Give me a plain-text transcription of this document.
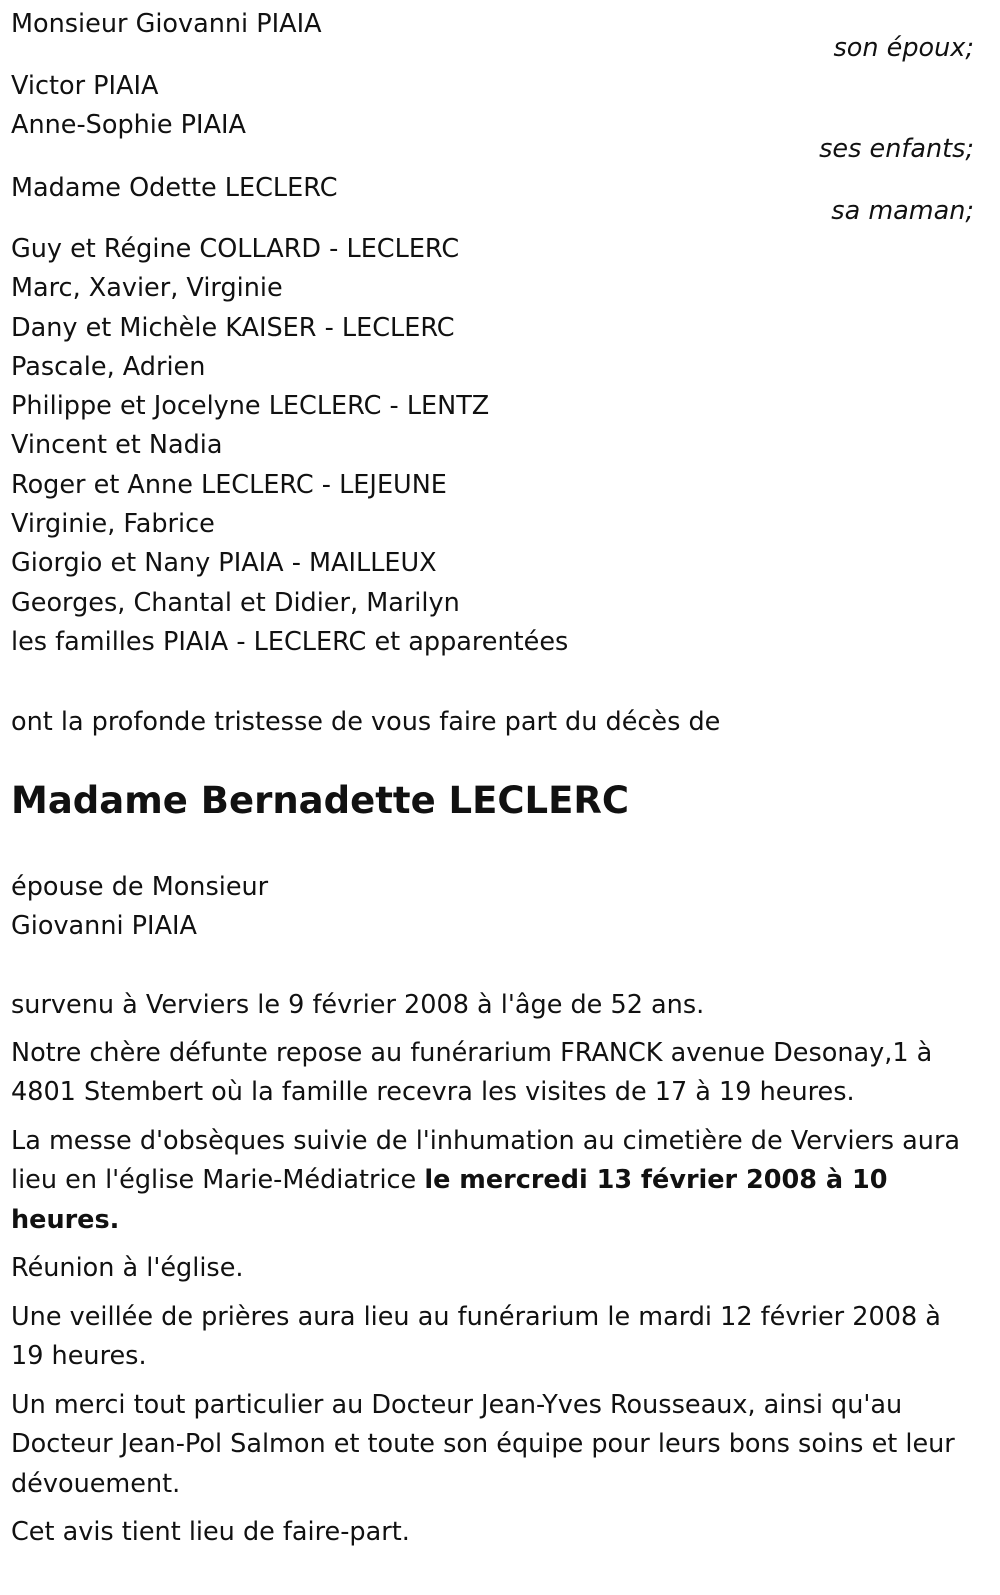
Monsieur Giovanni PIAIA
son époux;
Victor PIAIA
Anne-Sophie PIAIA
ses enfants;
Madame Odette LECLERC
sa maman;
Guy et Régine COLLARD - LECLERC
Marc, Xavier, Virginie
Dany et Michèle KAISER - LECLERC
Pascale, Adrien
Philippe et Jocelyne LECLERC - LENTZ
Vincent et Nadia
Roger et Anne LECLERC - LEJEUNE
Virginie, Fabrice
Giorgio et Nany PIAIA - MAILLEUX
Georges, Chantal et Didier, Marilyn
les familles PIAIA - LECLERC et apparentées
ont la profonde tristesse de vous faire part du décès de
Madame Bernadette LECLERC
épouse de Monsieur
Giovanni PIAIA
survenu à Verviers le 9 février 2008 à l'âge de 52 ans.
Notre chère défunte repose au funérarium FRANCK avenue Desonay,1 à 4801 Stembert où la famille recevra les visites de 17 à 19 heures.
La messe d'obsèques suivie de l'inhumation au cimetière de Verviers aura lieu en l'église Marie-Médiatrice le mercredi 13 février 2008 à 10 heures.
Réunion à l'église.
Une veillée de prières aura lieu au funérarium le mardi 12 février 2008 à 19 heures.
Un merci tout particulier au Docteur Jean-Yves Rousseaux, ainsi qu'au Docteur Jean-Pol Salmon et toute son équipe pour leurs bons soins et leur dévouement.
Cet avis tient lieu de faire-part.
